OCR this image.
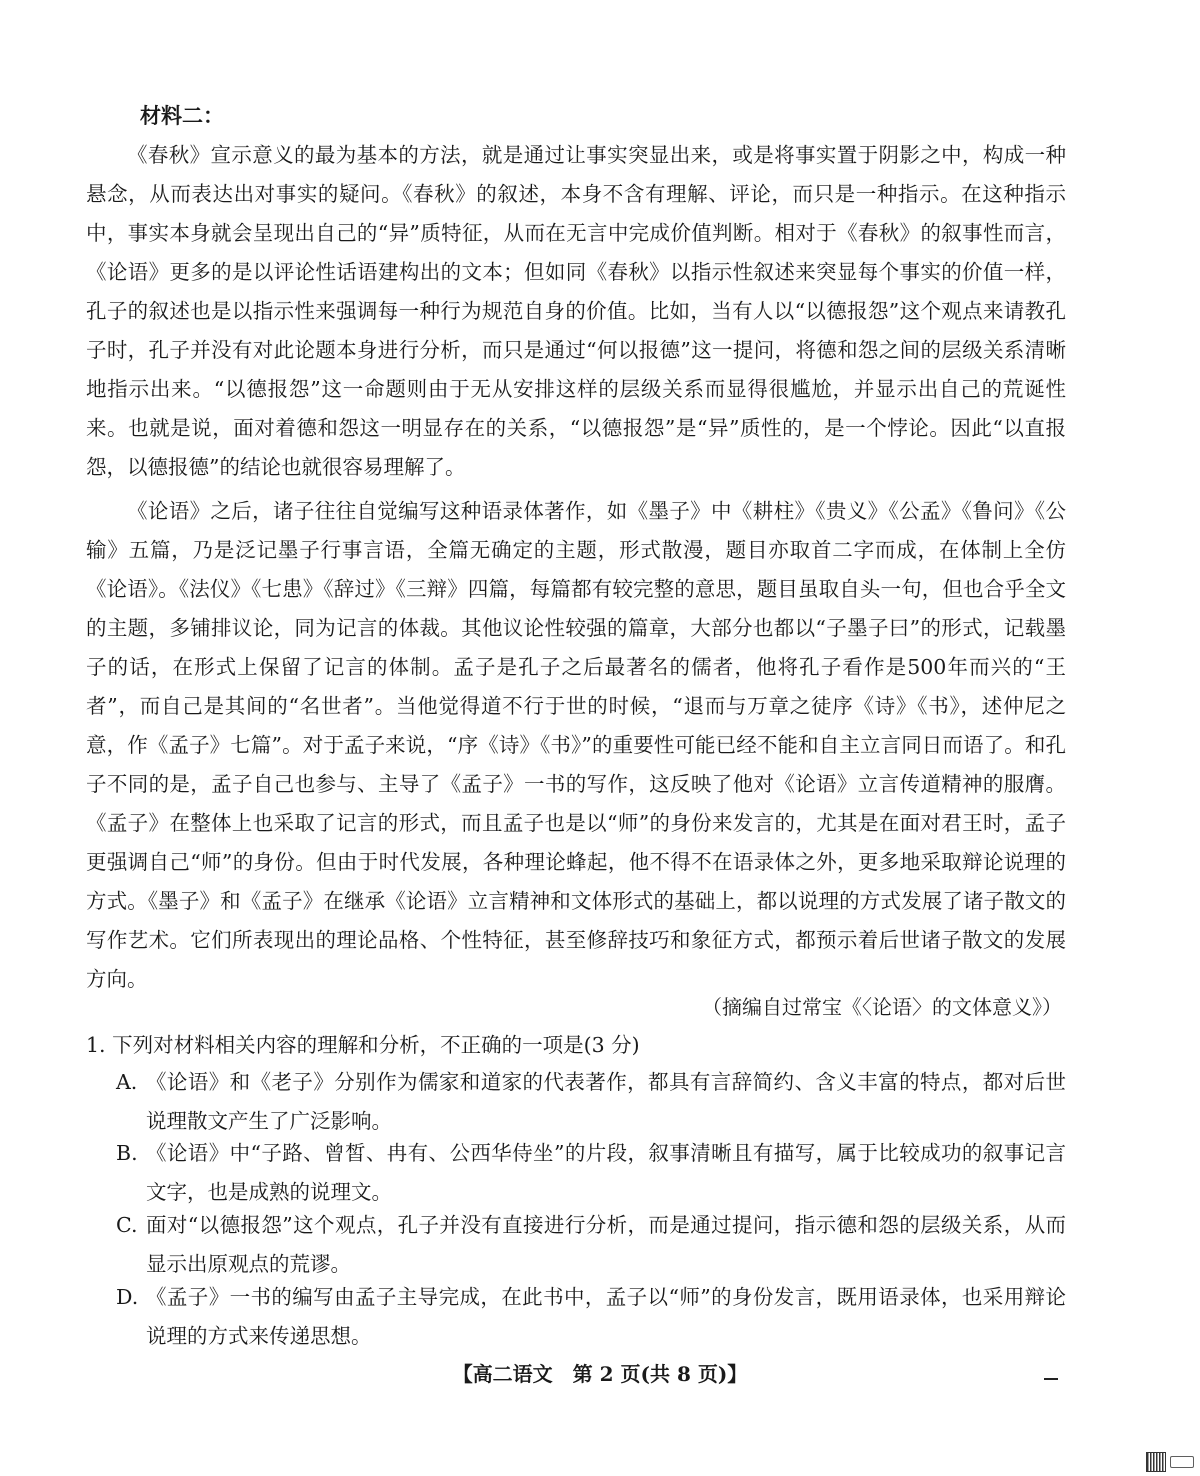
材料二：

《春秋》宣示意义的最为基本的方法，就是通过让事实突显出来，或是将事实置于阴影之中，构成一种悬念，从而表达出对事实的疑问。《春秋》的叙述，本身不含有理解、评论，而只是一种指示。在这种指示中，事实本身就会呈现出自己的“异”质特征，从而在无言中完成价值判断。相对于《春秋》的叙事性而言，《论语》更多的是以评论性话语建构出的文本；但如同《春秋》以指示性叙述来突显每个事实的价值一样，孔子的叙述也是以指示性来强调每一种行为规范自身的价值。比如，当有人以“以德报怨”这个观点来请教孔子时，孔子并没有对此论题本身进行分析，而只是通过“何以报德”这一提问，将德和怨之间的层级关系清晰地指示出来。“以德报怨”这一命题则由于无从安排这样的层级关系而显得很尴尬，并显示出自己的荒诞性来。也就是说，面对着德和怨这一明显存在的关系，“以德报怨”是“异”质性的，是一个悖论。因此“以直报怨，以德报德”的结论也就很容易理解了。

《论语》之后，诸子往往自觉编写这种语录体著作，如《墨子》中《耕柱》《贵义》《公孟》《鲁问》《公输》五篇，乃是泛记墨子行事言语，全篇无确定的主题，形式散漫，题目亦取首二字而成，在体制上全仿《论语》。《法仪》《七患》《辞过》《三辩》四篇，每篇都有较完整的意思，题目虽取自头一句，但也合乎全文的主题，多铺排议论，同为记言的体裁。其他议论性较强的篇章，大部分也都以“子墨子曰”的形式，记载墨子的话，在形式上保留了记言的体制。孟子是孔子之后最著名的儒者，他将孔子看作是500年而兴的“王者”，而自己是其间的“名世者”。当他觉得道不行于世的时候，“退而与万章之徒序《诗》《书》，述仲尼之意，作《孟子》七篇”。对于孟子来说，“序《诗》《书》”的重要性可能已经不能和自主立言同日而语了。和孔子不同的是，孟子自己也参与、主导了《孟子》一书的写作，这反映了他对《论语》立言传道精神的服膺。《孟子》在整体上也采取了记言的形式，而且孟子也是以“师”的身份来发言的，尤其是在面对君王时，孟子更强调自己“师”的身份。但由于时代发展，各种理论蜂起，他不得不在语录体之外，更多地采取辩论说理的方式。《墨子》和《孟子》在继承《论语》立言精神和文体形式的基础上，都以说理的方式发展了诸子散文的写作艺术。它们所表现出的理论品格、个性特征，甚至修辞技巧和象征方式，都预示着后世诸子散文的发展方向。

（摘编自过常宝《〈论语〉的文体意义》）
1. 下列对材料相关内容的理解和分析，不正确的一项是(3 分)
A. 《论语》和《老子》分别作为儒家和道家的代表著作，都具有言辞简约、含义丰富的特点，都对后世说理散文产生了广泛影响。
B. 《论语》中“子路、曾皙、冉有、公西华侍坐”的片段，叙事清晰且有描写，属于比较成功的叙事记言文字，也是成熟的说理文。
C. 面对“以德报怨”这个观点，孔子并没有直接进行分析，而是通过提问，指示德和怨的层级关系，从而显示出原观点的荒谬。
D. 《孟子》一书的编写由孟子主导完成，在此书中，孟子以“师”的身份发言，既用语录体，也采用辩论说理的方式来传递思想。
【高二语文　第 2 页(共 8 页)】
